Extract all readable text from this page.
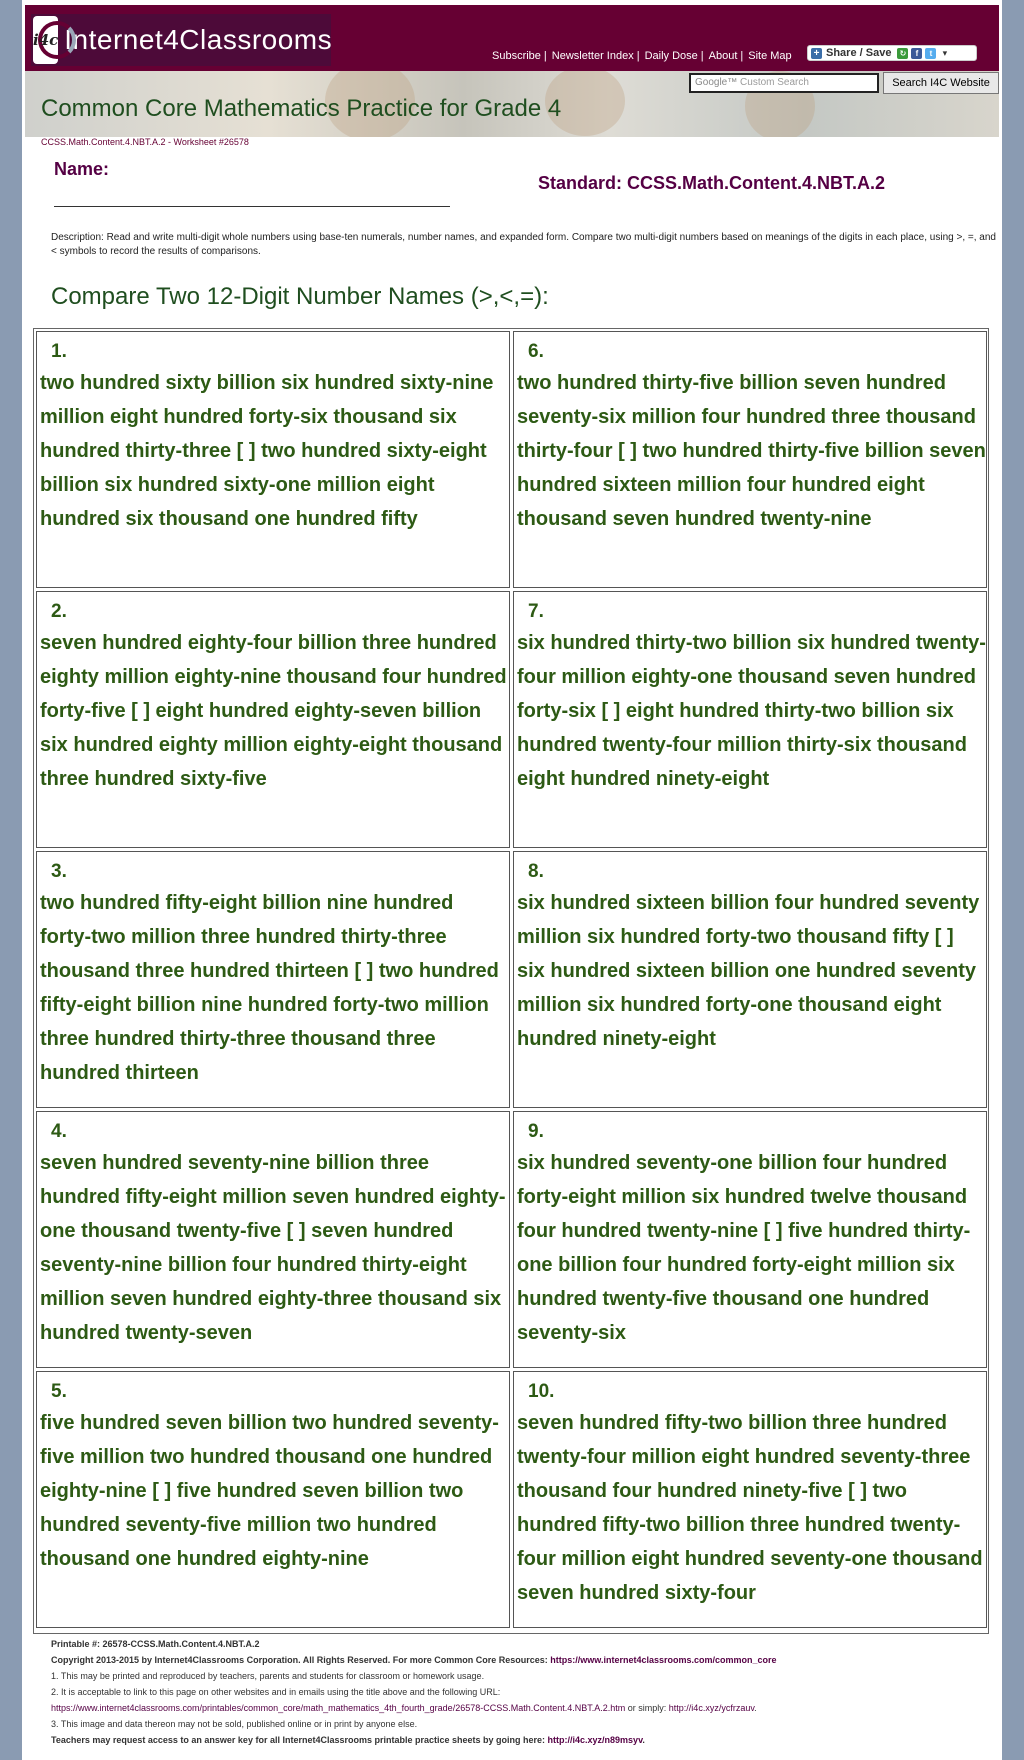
i4c Internet4Classrooms
Subscribe | Newsletter Index | Daily Dose | About | Site Map + Share / Save ↻	f	t	▾
Common Core Mathematics Practice for Grade 4
Google™ Custom Search	Search I4C Website
CCSS.Math.Content.4.NBT.A.2 - Worksheet #26578
Name:
Standard: CCSS.Math.Content.4.NBT.A.2
Description: Read and write multi-digit whole numbers using base-ten numerals, number names, and expanded form. Compare two multi-digit numbers based on meanings of the digits in each place, using >, =, and < symbols to record the results of comparisons.
Compare Two 12-Digit Number Names (>,<,=):
1.
two hundred sixty billion six hundred sixty-nine million eight hundred forty-six thousand six hundred thirty-three [ ] two hundred sixty-eight billion six hundred sixty-one million eight hundred six thousand one hundred fifty
6.
two hundred thirty-five billion seven hundred seventy-six million four hundred three thousand thirty-four [ ] two hundred thirty-five billion seven hundred sixteen million four hundred eight thousand seven hundred twenty-nine
2.
seven hundred eighty-four billion three hundred eighty million eighty-nine thousand four hundred forty-five [ ] eight hundred eighty-seven billion six hundred eighty million eighty-eight thousand three hundred sixty-five
7.
six hundred thirty-two billion six hundred twenty-four million eighty-one thousand seven hundred forty-six [ ] eight hundred thirty-two billion six hundred twenty-four million thirty-six thousand eight hundred ninety-eight
3.
two hundred fifty-eight billion nine hundred forty-two million three hundred thirty-three thousand three hundred thirteen [ ] two hundred fifty-eight billion nine hundred forty-two million three hundred thirty-three thousand three hundred thirteen
8.
six hundred sixteen billion four hundred seventy million six hundred forty-two thousand fifty [ ] six hundred sixteen billion one hundred seventy million six hundred forty-one thousand eight hundred ninety-eight
4.
seven hundred seventy-nine billion three hundred fifty-eight million seven hundred eighty-one thousand twenty-five [ ] seven hundred seventy-nine billion four hundred thirty-eight million seven hundred eighty-three thousand six hundred twenty-seven
9.
six hundred seventy-one billion four hundred forty-eight million six hundred twelve thousand four hundred twenty-nine [ ] five hundred thirty-one billion four hundred forty-eight million six hundred twenty-five thousand one hundred seventy-six
5.
five hundred seven billion two hundred seventy-five million two hundred thousand one hundred eighty-nine [ ] five hundred seven billion two hundred seventy-five million two hundred thousand one hundred eighty-nine
10.
seven hundred fifty-two billion three hundred twenty-four million eight hundred seventy-three thousand four hundred ninety-five [ ] two hundred fifty-two billion three hundred twenty-four million eight hundred seventy-one thousand seven hundred sixty-four
Printable #: 26578-CCSS.Math.Content.4.NBT.A.2
Copyright 2013-2015 by Internet4Classrooms Corporation. All Rights Reserved. For more Common Core Resources: https://www.internet4classrooms.com/common_core
1. This may be printed and reproduced by teachers, parents and students for classroom or homework usage.
2. It is acceptable to link to this page on other websites and in emails using the title above and the following URL:
https://www.internet4classrooms.com/printables/common_core/math_mathematics_4th_fourth_grade/26578-CCSS.Math.Content.4.NBT.A.2.htm or simply: http://i4c.xyz/ycfrzauv.
3. This image and data thereon may not be sold, published online or in print by anyone else.
Teachers may request access to an answer key for all Internet4Classrooms printable practice sheets by going here: http://i4c.xyz/n89msyv.
